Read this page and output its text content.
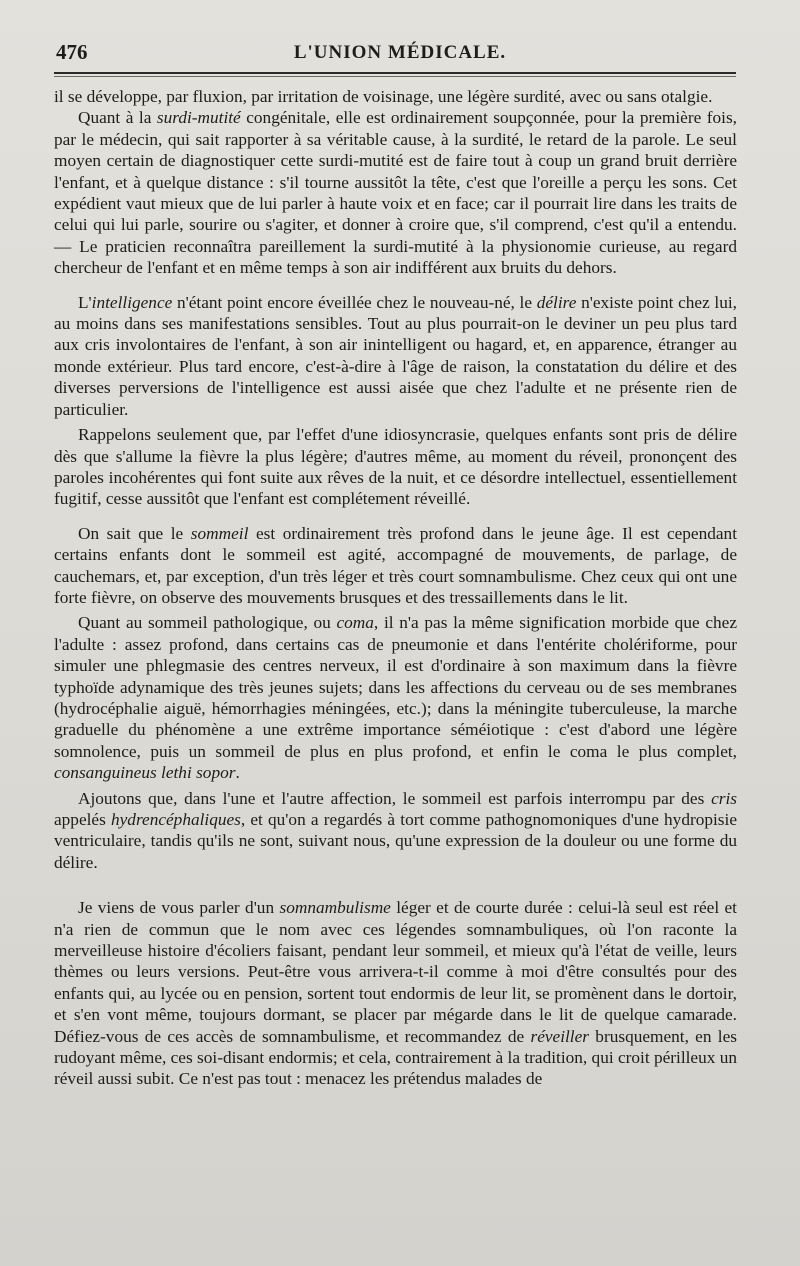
476	L'UNION MÉDICALE.

il se développe, par fluxion, par irritation de voisinage, une légère surdité, avec ou sans otalgie.

Quant à la surdi-mutité congénitale, elle est ordinairement soupçonnée, pour la première fois, par le médecin, qui sait rapporter à sa véritable cause, à la surdité, le retard de la parole. Le seul moyen certain de diagnostiquer cette surdi-mutité est de faire tout à coup un grand bruit derrière l'enfant, et à quelque distance : s'il tourne aussitôt la tête, c'est que l'oreille a perçu les sons. Cet expédient vaut mieux que de lui parler à haute voix et en face; car il pourrait lire dans les traits de celui qui lui parle, sourire ou s'agiter, et donner à croire que, s'il comprend, c'est qu'il a entendu. — Le praticien reconnaîtra pareillement la surdi-mutité à la physionomie curieuse, au regard chercheur de l'enfant et en même temps à son air indifférent aux bruits du dehors.

L'intelligence n'étant point encore éveillée chez le nouveau-né, le délire n'existe point chez lui, au moins dans ses manifestations sensibles. Tout au plus pourrait-on le deviner un peu plus tard aux cris involontaires de l'enfant, à son air inintelligent ou hagard, et, en apparence, étranger au monde extérieur. Plus tard encore, c'est-à-dire à l'âge de raison, la constatation du délire et des diverses perversions de l'intelligence est aussi aisée que chez l'adulte et ne présente rien de particulier.

Rappelons seulement que, par l'effet d'une idiosyncrasie, quelques enfants sont pris de délire dès que s'allume la fièvre la plus légère; d'autres même, au moment du réveil, prononçent des paroles incohérentes qui font suite aux rêves de la nuit, et ce désordre intellectuel, essentiellement fugitif, cesse aussitôt que l'enfant est complétement réveillé.

On sait que le sommeil est ordinairement très profond dans le jeune âge. Il est cependant certains enfants dont le sommeil est agité, accompagné de mouvements, de parlage, de cauchemars, et, par exception, d'un très léger et très court somnambulisme. Chez ceux qui ont une forte fièvre, on observe des mouvements brusques et des tressaillements dans le lit.

Quant au sommeil pathologique, ou coma, il n'a pas la même signification morbide que chez l'adulte : assez profond, dans certains cas de pneumonie et dans l'entérite cholériforme, pour simuler une phlegmasie des centres nerveux, il est d'ordinaire à son maximum dans la fièvre typhoïde adynamique des très jeunes sujets; dans les affections du cerveau ou de ses membranes (hydrocéphalie aiguë, hémorrhagies méningées, etc.); dans la méningite tuberculeuse, la marche graduelle du phénomène a une extrême importance séméiotique : c'est d'abord une légère somnolence, puis un sommeil de plus en plus profond, et enfin le coma le plus complet, consanguineus lethi sopor.

Ajoutons que, dans l'une et l'autre affection, le sommeil est parfois interrompu par des cris appelés hydrencéphaliques, et qu'on a regardés à tort comme pathognomoniques d'une hydropisie ventriculaire, tandis qu'ils ne sont, suivant nous, qu'une expression de la douleur ou une forme du délire.

Je viens de vous parler d'un somnambulisme léger et de courte durée : celui-là seul est réel et n'a rien de commun que le nom avec ces légendes somnambuliques, où l'on raconte la merveilleuse histoire d'écoliers faisant, pendant leur sommeil, et mieux qu'à l'état de veille, leurs thèmes ou leurs versions. Peut-être vous arrivera-t-il comme à moi d'être consultés pour des enfants qui, au lycée ou en pension, sortent tout endormis de leur lit, se promènent dans le dortoir, et s'en vont même, toujours dormant, se placer par mégarde dans le lit de quelque camarade. Défiez-vous de ces accès de somnambulisme, et recommandez de réveiller brusquement, en les rudoyant même, ces soi-disant endormis; et cela, contrairement à la tradition, qui croit périlleux un réveil aussi subit. Ce n'est pas tout : menacez les prétendus malades de
